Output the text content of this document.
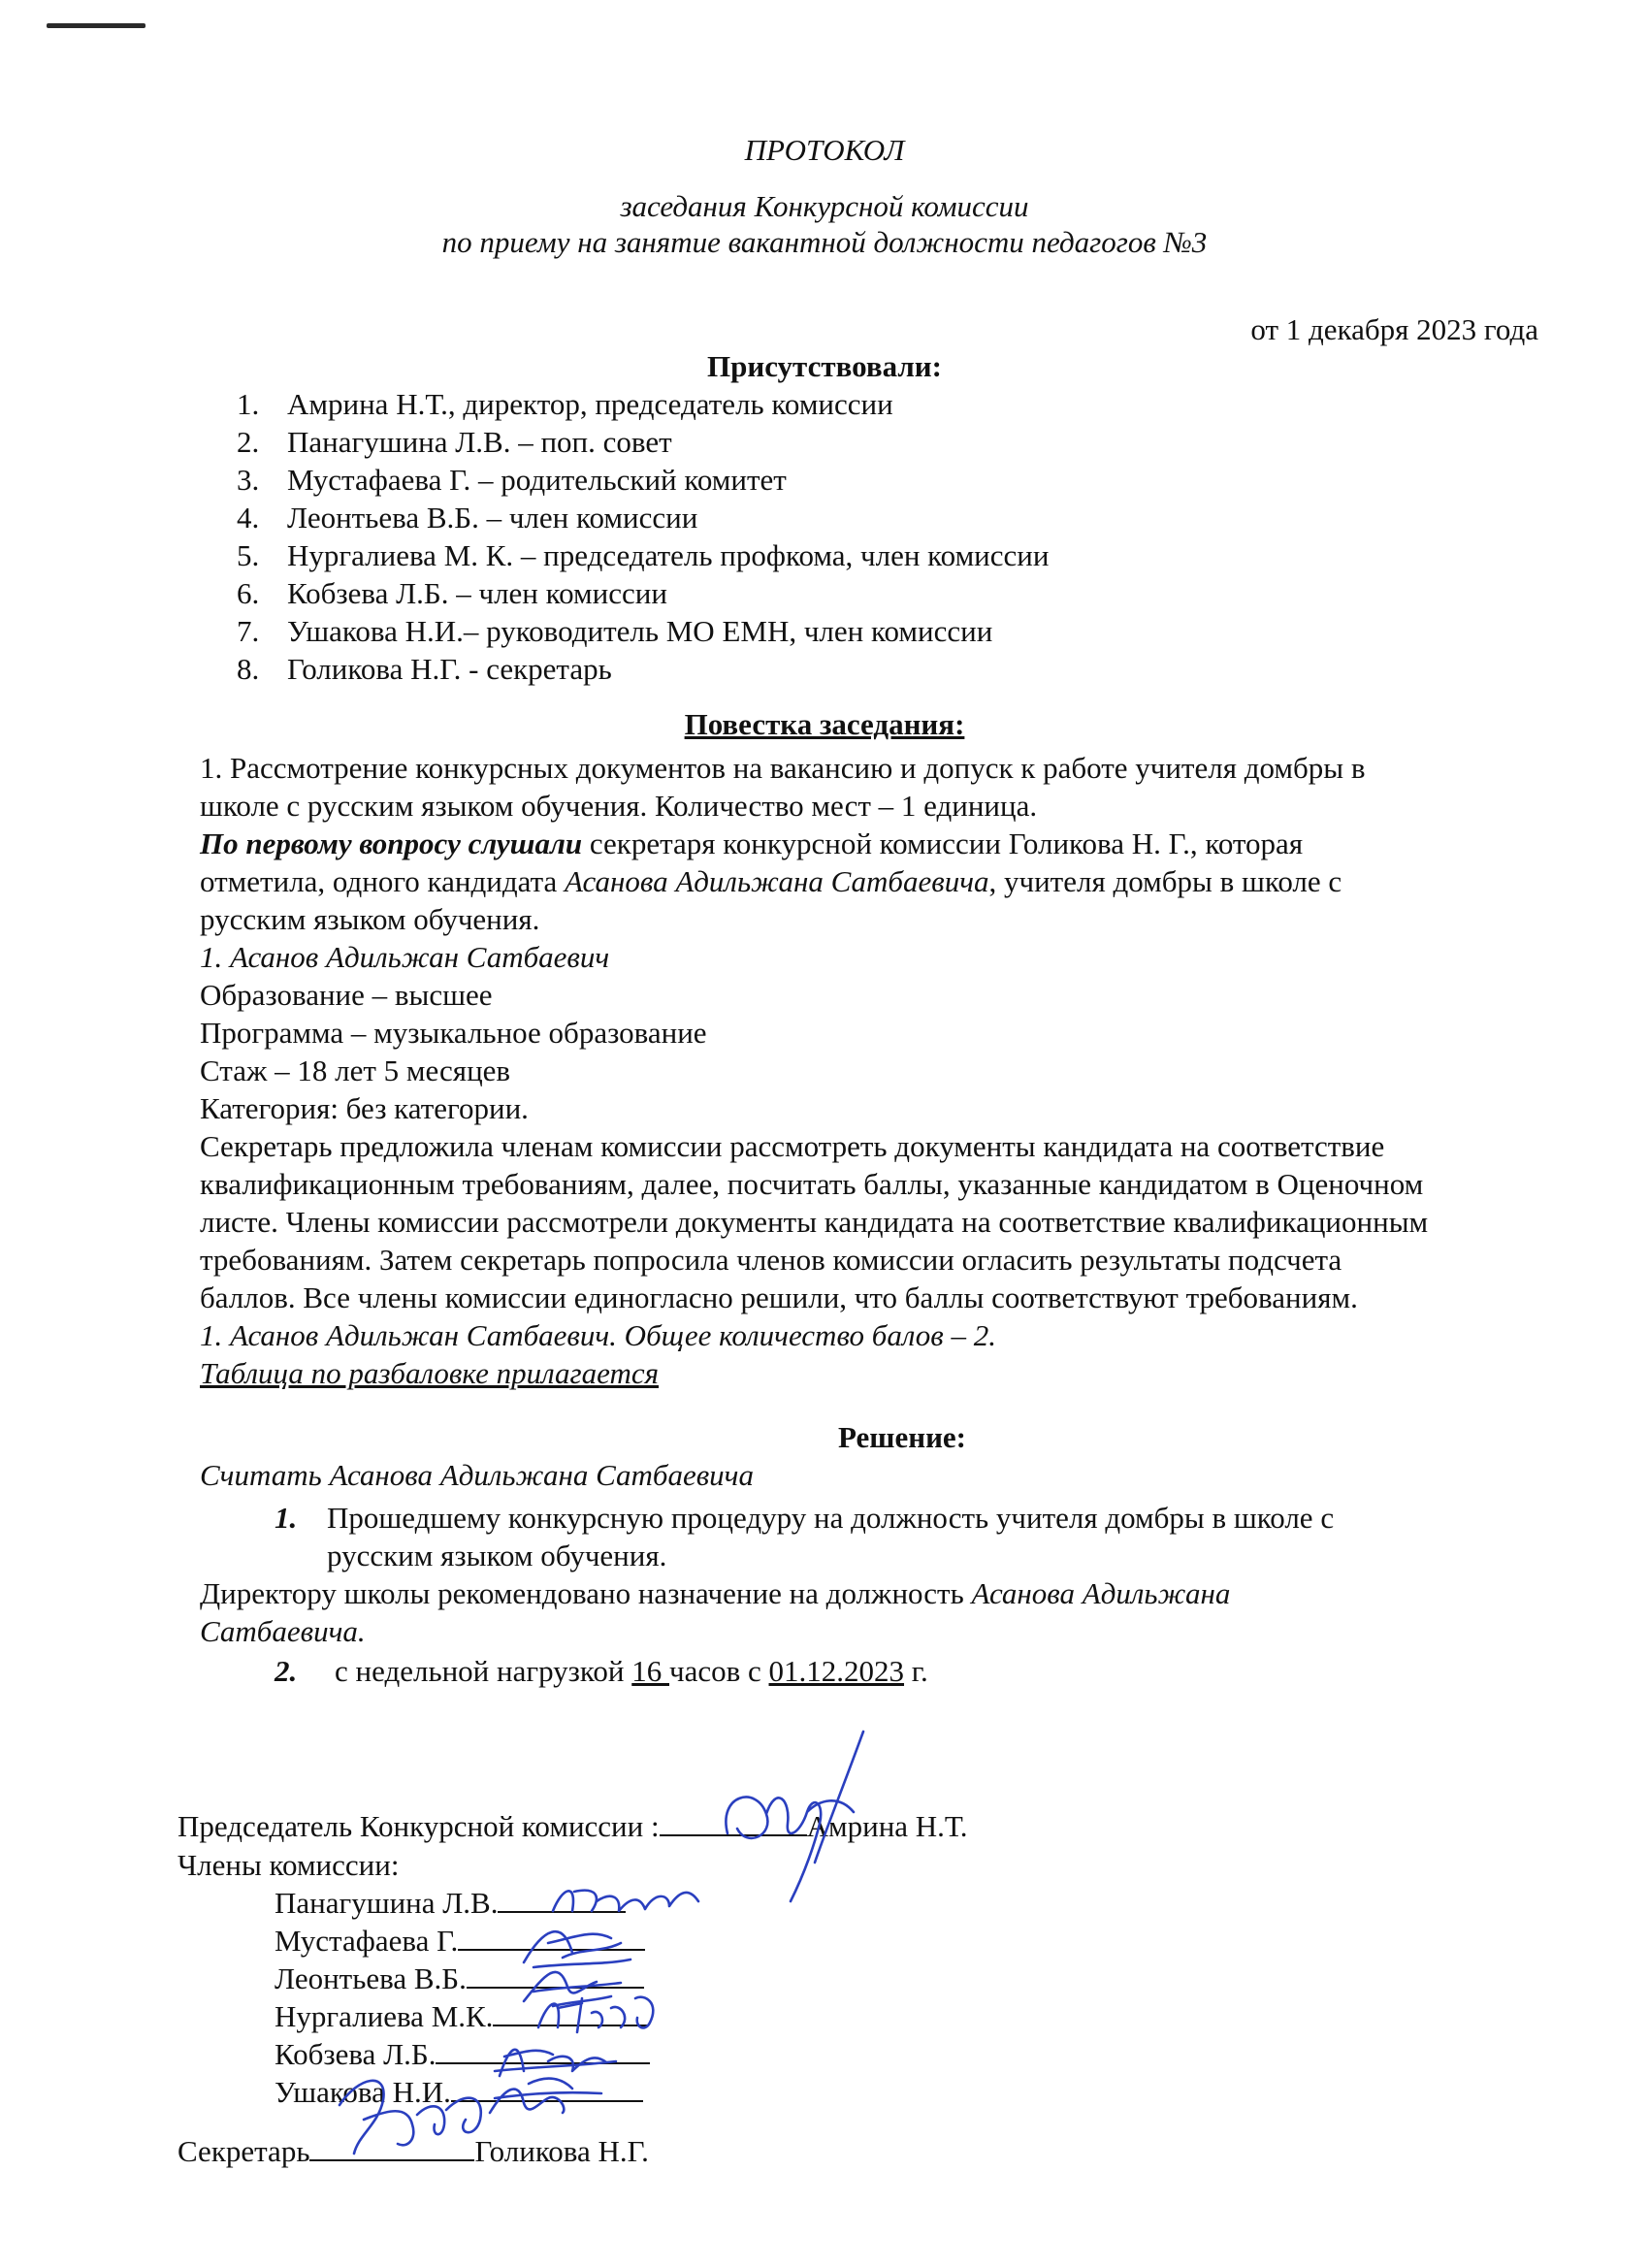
ПРОТОКОЛ
заседания Конкурсной комиссии
по приему на занятие вакантной должности педагогов №3
от 1 декабря 2023 года
Присутствовали:
1. Амрина Н.Т., директор, председатель комиссии
2. Панагушина Л.В. – поп. совет
3. Мустафаева Г. – родительский комитет
4. Леонтьева В.Б. – член комиссии
5. Нургалиева М. К. – председатель профкома, член комиссии
6. Кобзева Л.Б. – член комиссии
7. Ушакова Н.И.– руководитель МО ЕМН, член комиссии
8. Голикова Н.Г. - секретарь
Повестка заседания:
1. Рассмотрение конкурсных документов на вакансию и допуск к работе учителя домбры в
школе с русским языком обучения. Количество мест – 1 единица.
По первому вопросу слушали секретаря конкурсной комиссии Голикова Н. Г., которая
отметила, одного кандидата Асанова Адильжана Сатбаевича, учителя домбры в школе с
русским языком обучения.
1. Асанов Адильжан Сатбаевич
Образование – высшее
Программа – музыкальное образование
Стаж – 18 лет 5 месяцев
Категория: без категории.
Секретарь предложила членам комиссии рассмотреть документы кандидата на соответствие
квалификационным требованиям, далее, посчитать баллы, указанные кандидатом в Оценочном
листе. Члены комиссии рассмотрели документы кандидата на соответствие квалификационным
требованиям. Затем секретарь попросила членов комиссии огласить результаты подсчета
баллов. Все члены комиссии единогласно решили, что баллы соответствуют требованиям.
1. Асанов Адильжан Сатбаевич. Общее количество балов – 2.
Таблица по разбаловке прилагается
Решение:
Считать Асанова Адильжана Сатбаевича
1. Прошедшему конкурсную процедуру на должность учителя домбры в школе с
русским языком обучения.
Директору школы рекомендовано назначение на должность Асанова Адильжана
Сатбаевича.
2. с недельной нагрузкой 16 часов с 01.12.2023 г.
Председатель Конкурсной комиссии :	Амрина Н.Т.
Члены комиссии:
Панагушина Л.В.
Мустафаева Г.
Леонтьева В.Б.
Нургалиева М.К.
Кобзева Л.Б.
Ушакова Н.И.
Секретарь	Голикова Н.Г.
